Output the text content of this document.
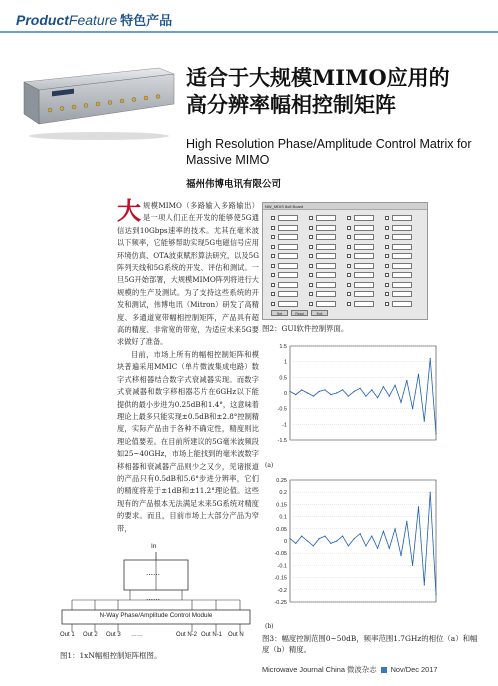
ProductFeature 特色产品
适合于大规模MIMO应用的
高分辨率幅相控制矩阵
High Resolution Phase/Amplitude Control Matrix for Massive MIMO
福州伟博电讯有限公司

大规模MIMO（多路输入多路输出）是一项人们正在开发的能够使5G通信达到10Gbps速率的技术。尤其在毫米波以下频率，它能够帮助实现5G电磁信号应用环境仿真、OTA波束赋形算法研究，以及5G阵列天线和5G系统的开发、评估和测试。一旦5G开始部署，大规模MIMO阵列将进行大规模的生产及测试。为了支持这些系统的开发和测试，伟博电讯（Mitron）研发了高精度、多通道宽带幅相控制矩阵，产品具有超高的精度、非常宽的带宽，为适应未来5G要求做好了准备。

目前，市场上所有的幅相控制矩阵和模块普遍采用MMIC（单片微波集成电路）数字式移相器结合数字式衰减器实现。而数字式衰减器和数字移相器芯片在6GHz以下能提供的最小步进为0.25dB和1.4°，这意味着理论上最多只能实现±0.5dB和±2.8°控制精度，实际产品由于各种不确定性，精度则比理论值要差。在目前所建议的5G毫米波频段如25~40GHz，市场上能找到的毫米波数字移相器和衰减器产品则少之又少，见诸报道的产品只有0.5dB和5.6°步进分辨率，它们的精度将差于±1dB和±11.2°理论值。这些现有的产品根本无法满足未来5G系统对精度的要求。而且，目前市场上大部分产品为窄带，

NW_MDIS 8x8 Board
Set	Read	Exit
图2：GUI软件控制界面。
1.5
1
0.5
0
-0.5
-1
-1.5
(a)
0.25
0.2
0.15
0.1
0.05
0
-0.05
-0.1
-0.15
-0.2
-0.25
(b)
图3：幅度控制范围0~50dB，频率范围1.7GHz的相位（a）和幅度（b）精度。
In
……
……
N-Way Phase/Amplitude Control Module
Out 1 Out 2 Out 3 ……	Out N-2 Out N-1 Out N
图1：1xN幅相控制矩阵框图。
Microwave Journal China 微波杂志 Nov/Dec 2017
